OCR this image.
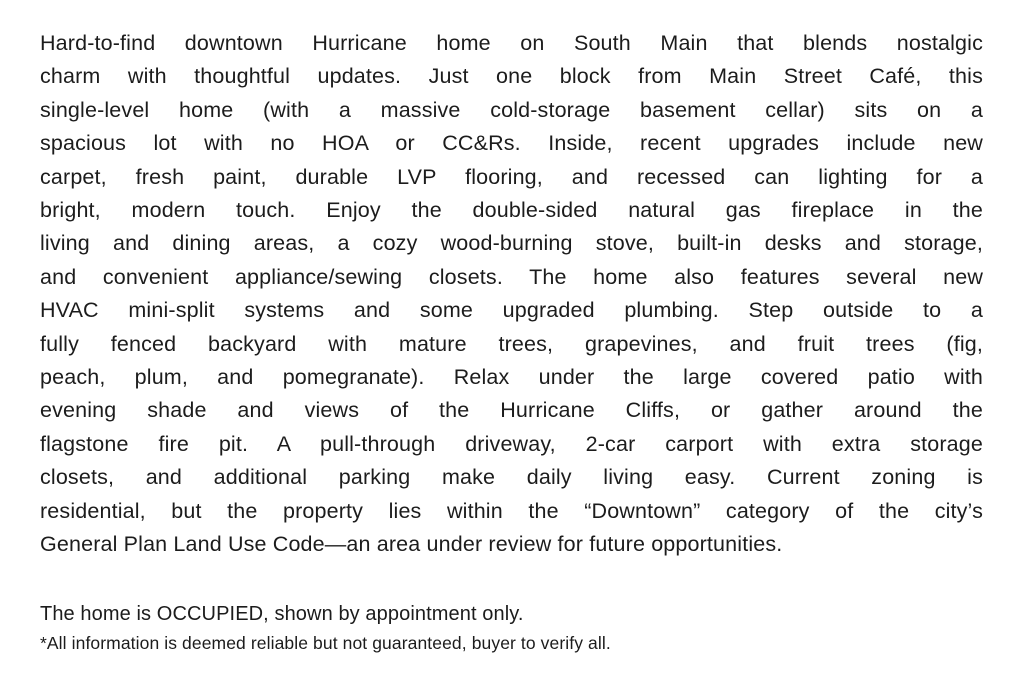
Hard-to-find downtown Hurricane home on South Main that blends nostalgic
charm with thoughtful updates. Just one block from Main Street Café, this
single-level home (with a massive cold-storage basement cellar) sits on a
spacious lot with no HOA or CC&Rs. Inside, recent upgrades include new
carpet, fresh paint, durable LVP flooring, and recessed can lighting for a
bright, modern touch. Enjoy the double-sided natural gas fireplace in the
living and dining areas, a cozy wood-burning stove, built-in desks and storage,
and convenient appliance/sewing closets. The home also features several new
HVAC mini-split systems and some upgraded plumbing. Step outside to a
fully fenced backyard with mature trees, grapevines, and fruit trees (fig,
peach, plum, and pomegranate). Relax under the large covered patio with
evening shade and views of the Hurricane Cliffs, or gather around the
flagstone fire pit. A pull-through driveway, 2-car carport with extra storage
closets, and additional parking make daily living easy. Current zoning is
residential, but the property lies within the “Downtown” category of the city’s
General Plan Land Use Code—an area under review for future opportunities.
The home is OCCUPIED, shown by appointment only.
*All information is deemed reliable but not guaranteed, buyer to verify all.
